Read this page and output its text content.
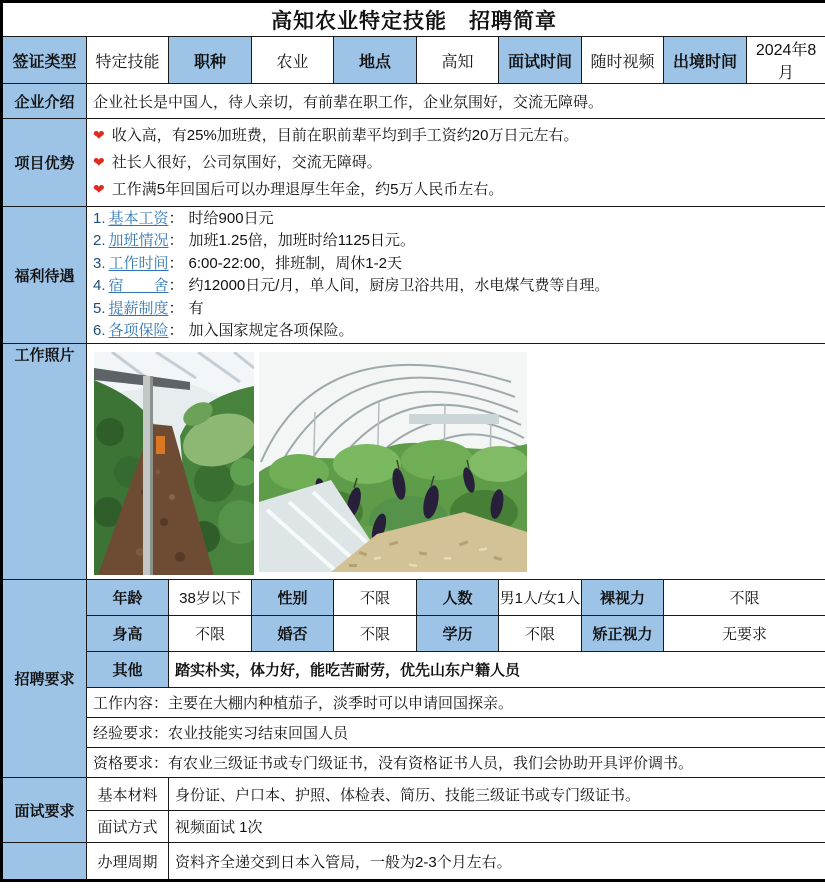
高知农业特定技能　招聘简章									

签证类型	特定技能	职种	农业	地点	高知	面试时间	随时视频	出境时间	2024年8月
企业介绍	企业社长是中国人，待人亲切，有前辈在职工作，企业氛围好，交流无障碍。								
项目优势	❤ 收入高，有25%加班费，目前在职前辈平均到手工资约20万日元左右。
❤ 社长人很好，公司氛围好，交流无障碍。
❤ 工作满5年回国后可以办理退厚生年金，约5万人民币左右。								

福利待遇	
1. 基本工资： 时给900日元
2. 加班情况： 加班1.25倍，加班时给1125日元。
3. 工作时间： 6:00-22:00，排班制，周休1-2天
4. 宿　　舍： 约12000日元/月，单人间，厨房卫浴共用，水电煤气费等自理。
5. 提薪制度： 有
6. 各项保险： 加入国家规定各项保险。

工作照片	

招聘要求	年龄	38岁以下	性别	不限	人数	男1人/女1人	裸视力	不限	
	身高	不限	婚否	不限	学历	不限	矫正视力	无要求	
	其他	踏实朴实，体力好，能吃苦耐劳，优先山东户籍人员							
	工作内容：主要在大棚内种植茄子，淡季时可以申请回国探亲。								
	经验要求：农业技能实习结束回国人员								
	资格要求：有农业三级证书或专门级证书，没有资格证书人员，我们会协助开具评价调书。								
面试要求	基本材料	身份证、户口本、护照、体检表、简历、技能三级证书或专门级证书。							
	面试方式	视频面试 1次							
	办理周期	资料齐全递交到日本入管局，一般为2-3个月左右。							
